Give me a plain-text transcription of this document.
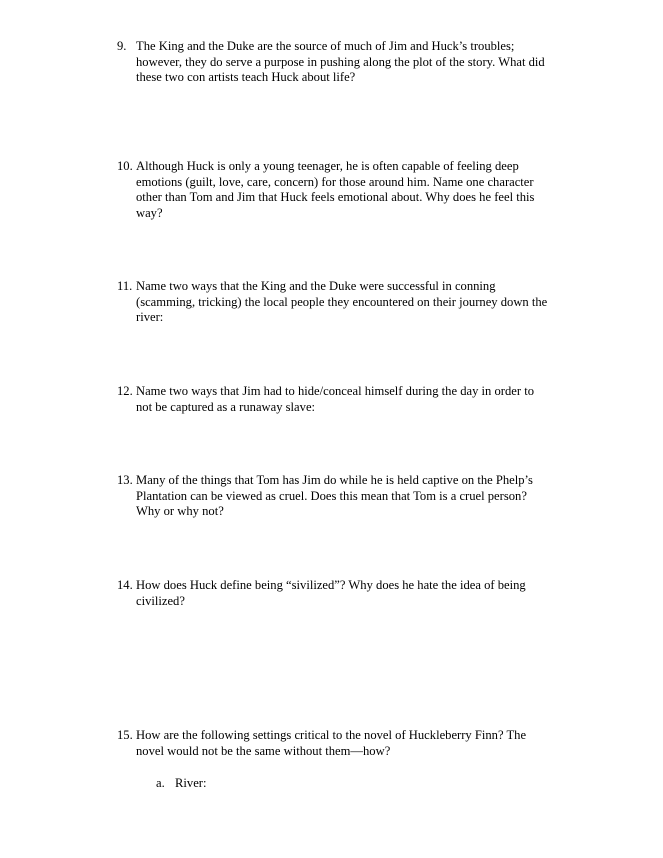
9. The King and the Duke are the source of much of Jim and Huck’s troubles;
however, they do serve a purpose in pushing along the plot of the story. What did
these two con artists teach Huck about life?
10. Although Huck is only a young teenager, he is often capable of feeling deep
emotions (guilt, love, care, concern) for those around him. Name one character
other than Tom and Jim that Huck feels emotional about. Why does he feel this
way?
11. Name two ways that the King and the Duke were successful in conning
(scamming, tricking) the local people they encountered on their journey down the
river:
12. Name two ways that Jim had to hide/conceal himself during the day in order to
not be captured as a runaway slave:
13. Many of the things that Tom has Jim do while he is held captive on the Phelp’s
Plantation can be viewed as cruel. Does this mean that Tom is a cruel person?
Why or why not?
14. How does Huck define being “sivilized”? Why does he hate the idea of being
civilized?
15. How are the following settings critical to the novel of Huckleberry Finn? The
novel would not be the same without them—how?
a. River:
